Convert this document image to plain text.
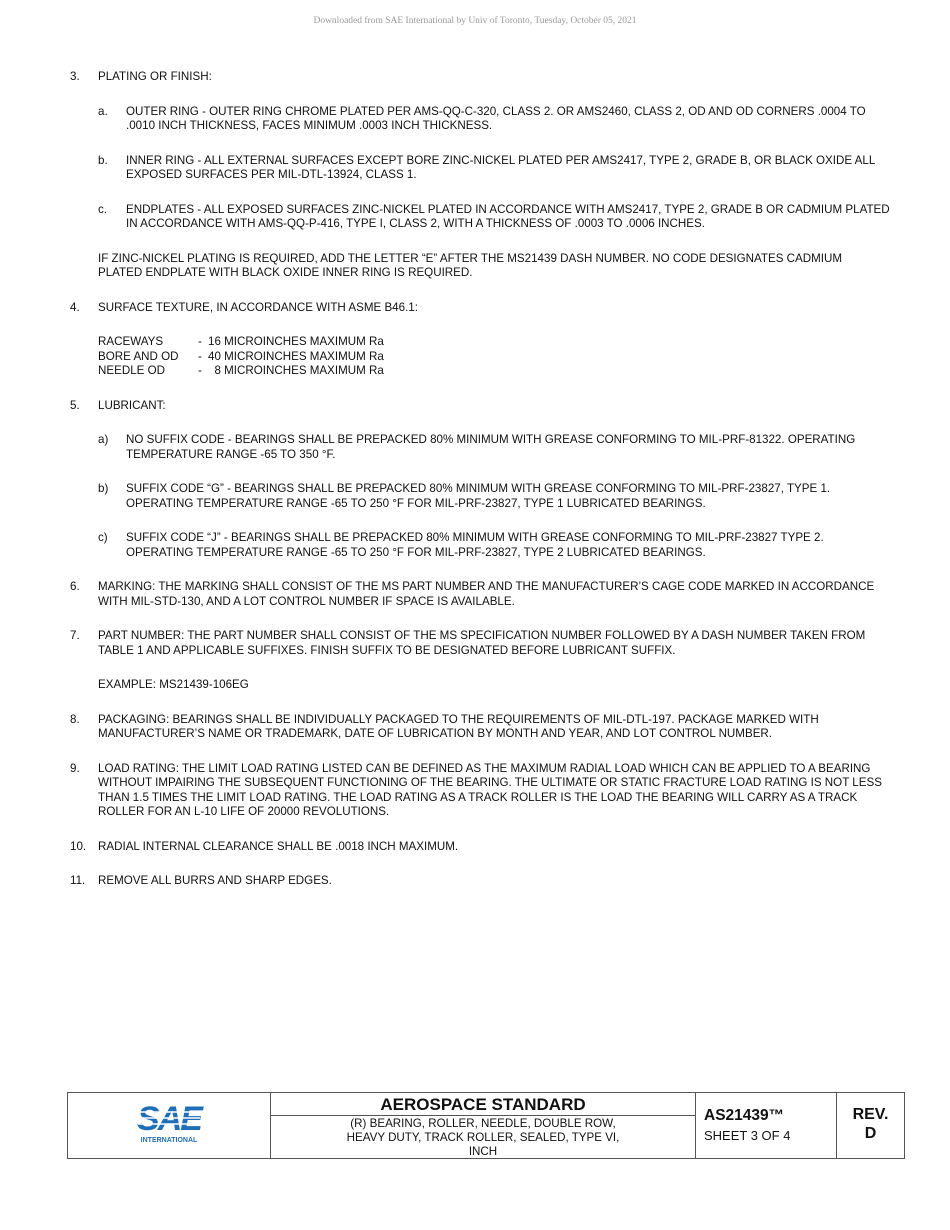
Downloaded from SAE International by Univ of Toronto, Tuesday, October 05, 2021
3. PLATING OR FINISH:
a. OUTER RING - OUTER RING CHROME PLATED PER AMS-QQ-C-320, CLASS 2. OR AMS2460, CLASS 2, OD AND OD CORNERS .0004 TO .0010 INCH THICKNESS, FACES MINIMUM .0003 INCH THICKNESS.
b. INNER RING - ALL EXTERNAL SURFACES EXCEPT BORE ZINC-NICKEL PLATED PER AMS2417, TYPE 2, GRADE B, OR BLACK OXIDE ALL EXPOSED SURFACES PER MIL-DTL-13924, CLASS 1.
c. ENDPLATES - ALL EXPOSED SURFACES ZINC-NICKEL PLATED IN ACCORDANCE WITH AMS2417, TYPE 2, GRADE B OR CADMIUM PLATED IN ACCORDANCE WITH AMS-QQ-P-416, TYPE I, CLASS 2, WITH A THICKNESS OF .0003 TO .0006 INCHES.
IF ZINC-NICKEL PLATING IS REQUIRED, ADD THE LETTER “E” AFTER THE MS21439 DASH NUMBER. NO CODE DESIGNATES CADMIUM PLATED ENDPLATE WITH BLACK OXIDE INNER RING IS REQUIRED.
4. SURFACE TEXTURE, IN ACCORDANCE WITH ASME B46.1:
RACEWAYS	- 16 MICROINCHES MAXIMUM Ra
BORE AND OD	- 40 MICROINCHES MAXIMUM Ra
NEEDLE OD	- 8 MICROINCHES MAXIMUM Ra
5. LUBRICANT:
a) NO SUFFIX CODE - BEARINGS SHALL BE PREPACKED 80% MINIMUM WITH GREASE CONFORMING TO MIL-PRF-81322. OPERATING TEMPERATURE RANGE -65 TO 350 °F.
b) SUFFIX CODE “G” - BEARINGS SHALL BE PREPACKED 80% MINIMUM WITH GREASE CONFORMING TO MIL-PRF-23827, TYPE 1. OPERATING TEMPERATURE RANGE -65 TO 250 °F FOR MIL-PRF-23827, TYPE 1 LUBRICATED BEARINGS.
c) SUFFIX CODE “J” - BEARINGS SHALL BE PREPACKED 80% MINIMUM WITH GREASE CONFORMING TO MIL-PRF-23827 TYPE 2. OPERATING TEMPERATURE RANGE -65 TO 250 °F FOR MIL-PRF-23827, TYPE 2 LUBRICATED BEARINGS.
6. MARKING: THE MARKING SHALL CONSIST OF THE MS PART NUMBER AND THE MANUFACTURER’S CAGE CODE MARKED IN ACCORDANCE WITH MIL-STD-130, AND A LOT CONTROL NUMBER IF SPACE IS AVAILABLE.
7. PART NUMBER: THE PART NUMBER SHALL CONSIST OF THE MS SPECIFICATION NUMBER FOLLOWED BY A DASH NUMBER TAKEN FROM TABLE 1 AND APPLICABLE SUFFIXES. FINISH SUFFIX TO BE DESIGNATED BEFORE LUBRICANT SUFFIX.
EXAMPLE: MS21439-106EG
8. PACKAGING: BEARINGS SHALL BE INDIVIDUALLY PACKAGED TO THE REQUIREMENTS OF MIL-DTL-197. PACKAGE MARKED WITH MANUFACTURER’S NAME OR TRADEMARK, DATE OF LUBRICATION BY MONTH AND YEAR, AND LOT CONTROL NUMBER.
9. LOAD RATING: THE LIMIT LOAD RATING LISTED CAN BE DEFINED AS THE MAXIMUM RADIAL LOAD WHICH CAN BE APPLIED TO A BEARING WITHOUT IMPAIRING THE SUBSEQUENT FUNCTIONING OF THE BEARING. THE ULTIMATE OR STATIC FRACTURE LOAD RATING IS NOT LESS THAN 1.5 TIMES THE LIMIT LOAD RATING. THE LOAD RATING AS A TRACK ROLLER IS THE LOAD THE BEARING WILL CARRY AS A TRACK ROLLER FOR AN L-10 LIFE OF 20000 REVOLUTIONS.
10. RADIAL INTERNAL CLEARANCE SHALL BE .0018 INCH MAXIMUM.
11. REMOVE ALL BURRS AND SHARP EDGES.
SAE
INTERNATIONAL
AEROSPACE STANDARD
(R) BEARING, ROLLER, NEEDLE, DOUBLE ROW,
HEAVY DUTY, TRACK ROLLER, SEALED, TYPE VI,
INCH
AS21439™
SHEET 3 OF 4
REV.
D
